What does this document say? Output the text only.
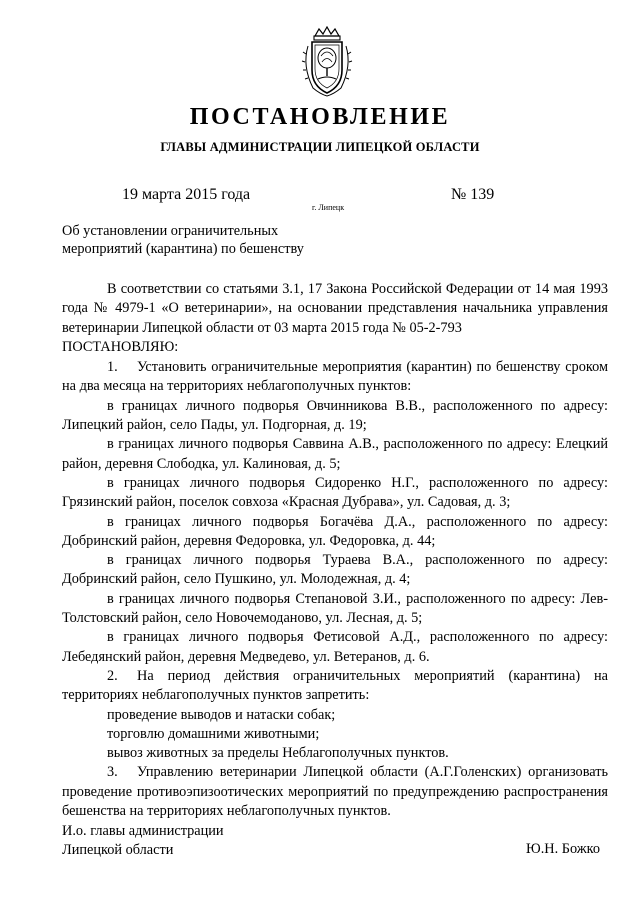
ПОСТАНОВЛЕНИЕ
ГЛАВЫ АДМИНИСТРАЦИИ ЛИПЕЦКОЙ ОБЛАСТИ
19 марта 2015 года
г. Липецк
№ 139
Об установлении ограничительных
мероприятий (карантина) по бешенству

В соответствии со статьями 3.1, 17 Закона Российской Федерации от 14 мая 1993 года № 4979-1 «О ветеринарии», на основании представления начальника управления ветеринарии Липецкой области от 03 марта 2015 года № 05-2-793

ПОСТАНОВЛЯЮ:

1. Установить ограничительные мероприятия (карантин) по бешенству сроком на два месяца на территориях неблагополучных пунктов:

в границах личного подворья Овчинникова В.В., расположенного по адресу: Липецкий район, село Пады, ул. Подгорная, д. 19;

в границах личного подворья Саввина А.В., расположенного по адресу: Елецкий район, деревня Слободка, ул. Калиновая, д. 5;

в границах личного подворья Сидоренко Н.Г., расположенного по адресу: Грязинский район, поселок совхоза «Красная Дубрава», ул. Садовая, д. 3;

в границах личного подворья Богачёва Д.А., расположенного по адресу: Добринский район, деревня Федоровка, ул. Федоровка, д. 44;

в границах личного подворья Тураева В.А., расположенного по адресу: Добринский район, село Пушкино, ул. Молодежная, д. 4;

в границах личного подворья Степановой З.И., расположенного по адресу: Лев-Толстовский район, село Новочемоданово, ул. Лесная, д. 5;

в границах личного подворья Фетисовой А.Д., расположенного по адресу: Лебедянский район, деревня Медведево, ул. Ветеранов, д. 6.

2. На период действия ограничительных мероприятий (карантина) на территориях неблагополучных пунктов запретить:

проведение выводов и натаски собак;

торговлю домашними животными;

вывоз животных за пределы Неблагополучных пунктов.

3. Управлению ветеринарии Липецкой области (А.Г.Голенских) организовать проведение противоэпизоотических мероприятий по предупреждению распространения бешенства на территориях неблагополучных пунктов.

И.о. главы администрации
Липецкой области	Ю.Н. Божко
